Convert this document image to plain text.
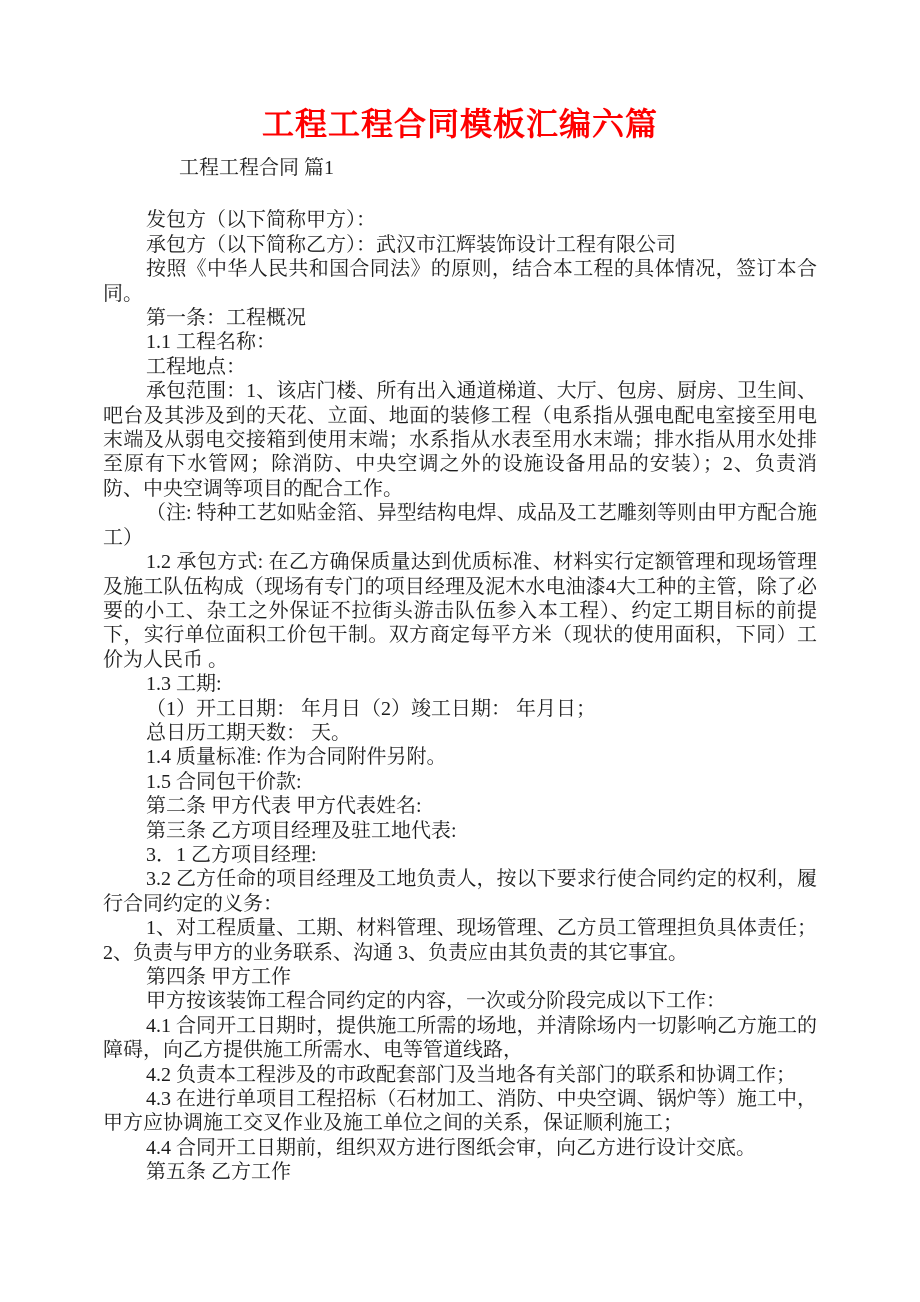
工程工程合同模板汇编六篇

工程工程合同 篇1

发包方（以下简称甲方）：

承包方（以下简称乙方）：武汉市江辉装饰设计工程有限公司

按照《中华人民共和国合同法》的原则，结合本工程的具体情况，签订本合同。

第一条：工程概况

1.1 工程名称：

工程地点：

承包范围：1、该店门楼、所有出入通道梯道、大厅、包房、厨房、卫生间、吧台及其涉及到的天花、立面、地面的装修工程（电系指从强电配电室接至用电末端及从弱电交接箱到使用末端；水系指从水表至用水末端；排水指从用水处排至原有下水管网；除消防、中央空调之外的设施设备用品的安装）；2、负责消防、中央空调等项目的配合工作。

（注: 特种工艺如贴金箔、异型结构电焊、成品及工艺雕刻等则由甲方配合施工）

1.2 承包方式: 在乙方确保质量达到优质标准、材料实行定额管理和现场管理及施工队伍构成（现场有专门的项目经理及泥木水电油漆4大工种的主管，除了必要的小工、杂工之外保证不拉街头游击队伍参入本工程）、约定工期目标的前提下，实行单位面积工价包干制。双方商定每平方米（现状的使用面积，下同）工价为人民币 。

1.3 工期:

（1）开工日期： 年月日（2）竣工日期： 年月日；

总日历工期天数： 天。

1.4 质量标准: 作为合同附件另附。

1.5 合同包干价款:

第二条 甲方代表 甲方代表姓名:

第三条 乙方项目经理及驻工地代表:

3．1 乙方项目经理:

3.2 乙方任命的项目经理及工地负责人，按以下要求行使合同约定的权利，履行合同约定的义务：

1、对工程质量、工期、材料管理、现场管理、乙方员工管理担负具体责任；2、负责与甲方的业务联系、沟通 3、负责应由其负责的其它事宜。

第四条 甲方工作

甲方按该装饰工程合同约定的内容，一次或分阶段完成以下工作：

4.1 合同开工日期时，提供施工所需的场地，并清除场内一切影响乙方施工的障碍，向乙方提供施工所需水、电等管道线路，

4.2 负责本工程涉及的市政配套部门及当地各有关部门的联系和协调工作；

4.3 在进行单项目工程招标（石材加工、消防、中央空调、锅炉等）施工中，甲方应协调施工交叉作业及施工单位之间的关系，保证顺利施工；

4.4 合同开工日期前，组织双方进行图纸会审，向乙方进行设计交底。

第五条 乙方工作
